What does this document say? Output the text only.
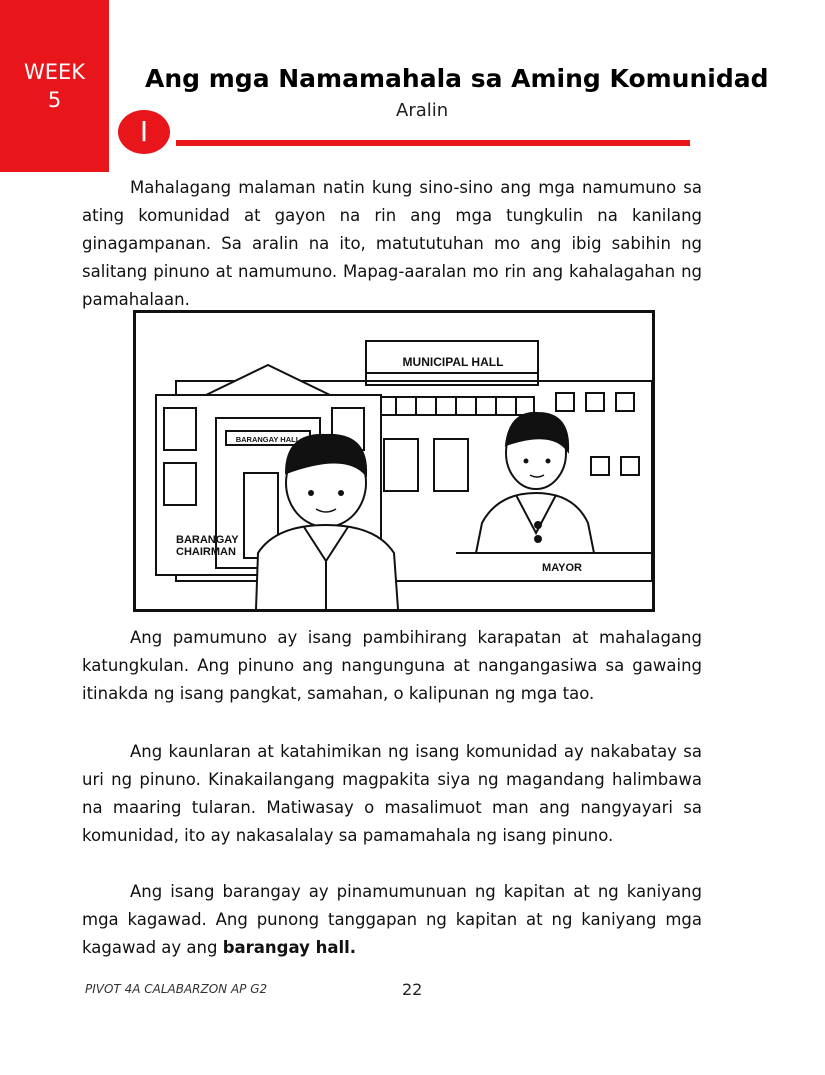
WEEK
5
Ang mga Namamahala sa Aming Komunidad
Aralin
I

Mahalagang malaman natin kung sino-sino ang mga namumuno sa ating komunidad at gayon na rin ang mga tungkulin na kanilang ginagampanan. Sa aralin na ito, matututuhan mo ang ibig sabihin ng salitang pinuno at namumuno. Mapag-aaralan mo rin ang kahalagahan ng pamahalaan.

MUNICIPAL HALL
BARANGAY HALL
BARANGAY
CHAIRMAN
MAYOR

Ang pamumuno ay isang pambihirang karapatan at mahalagang katungkulan. Ang pinuno ang nangunguna at nangangasiwa sa gawaing itinakda ng isang pangkat, samahan, o kalipunan ng mga tao.

Ang kaunlaran at katahimikan ng isang komunidad ay nakabatay sa uri ng pinuno. Kinakailangang magpakita siya ng magandang halimbawa na maaring tularan. Matiwasay o masalimuot man ang nangyayari sa komunidad, ito ay nakasalalay sa pamamahala ng isang pinuno.

Ang isang barangay ay pinamumunuan ng kapitan at ng kaniyang mga kagawad. Ang punong tanggapan ng kapitan at ng kaniyang mga kagawad ay ang barangay hall.

PIVOT 4A CALABARZON AP G2	22
